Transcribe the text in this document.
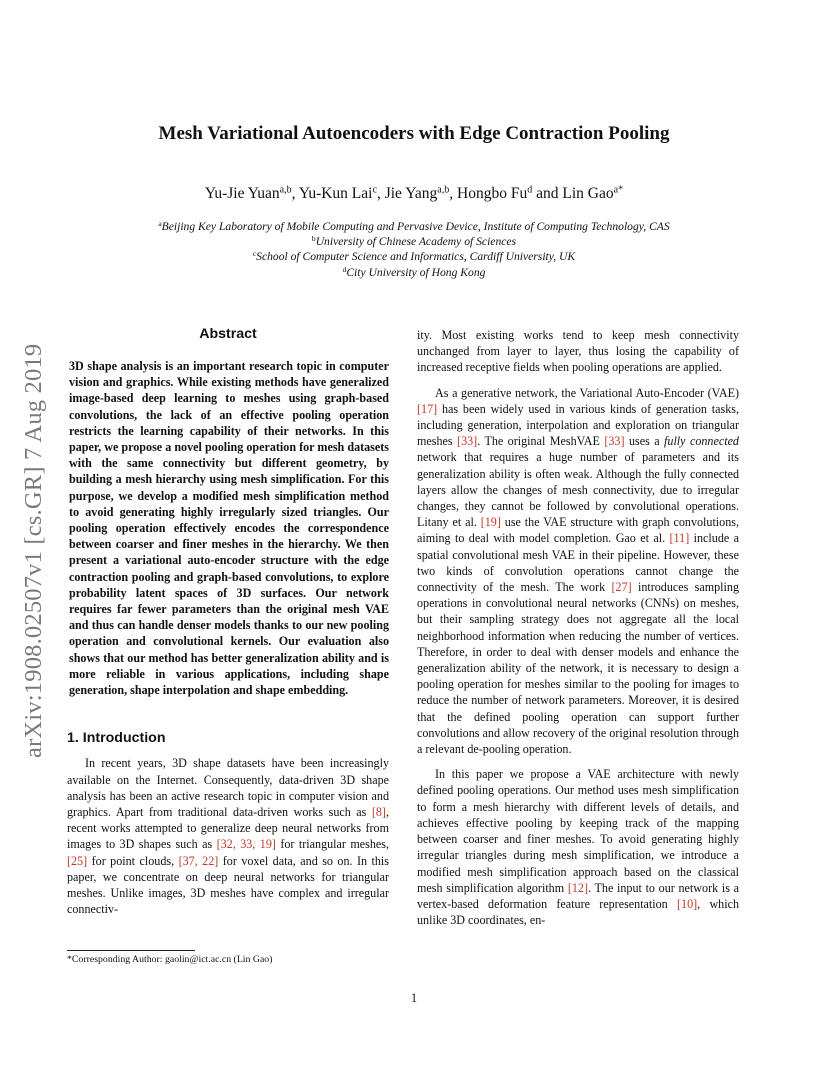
Mesh Variational Autoencoders with Edge Contraction Pooling
Yu-Jie Yuan$^{a,b}$, Yu-Kun Lai$^c$, Jie Yang$^{a,b}$, Hongbo Fu$^d$ and Lin Gao$^{a*}$
$^a$Beijing Key Laboratory of Mobile Computing and Pervasive Device, Institute of Computing Technology, CAS
$^b$University of Chinese Academy of Sciences
$^c$School of Computer Science and Informatics, Cardiff University, UK
$^d$City University of Hong Kong
arXiv:1908.02507v1 [cs.GR] 7 Aug 2019
Abstract
3D shape analysis is an important research topic in computer vision and graphics. While existing methods have generalized image-based deep learning to meshes using graph-based convolutions, the lack of an effective pooling operation restricts the learning capability of their networks. In this paper, we propose a novel pooling operation for mesh datasets with the same connectivity but different geometry, by building a mesh hierarchy using mesh simplification. For this purpose, we develop a modified mesh simplification method to avoid generating highly irregularly sized triangles. Our pooling operation effectively encodes the correspondence between coarser and finer meshes in the hierarchy. We then present a variational auto-encoder structure with the edge contraction pooling and graph-based convolutions, to explore probability latent spaces of 3D surfaces. Our network requires far fewer parameters than the original mesh VAE and thus can handle denser models thanks to our new pooling operation and convolutional kernels. Our evaluation also shows that our method has better generalization ability and is more reliable in various applications, including shape generation, shape interpolation and shape embedding.
1. Introduction

In recent years, 3D shape datasets have been increasingly available on the Internet. Consequently, data-driven 3D shape analysis has been an active research topic in computer vision and graphics. Apart from traditional data-driven works such as [8], recent works attempted to generalize deep neural networks from images to 3D shapes such as [32, 33, 19] for triangular meshes, [25] for point clouds, [37, 22] for voxel data, and so on. In this paper, we concentrate on deep neural networks for triangular meshes. Unlike images, 3D meshes have complex and irregular connectiv-

ity. Most existing works tend to keep mesh connectivity unchanged from layer to layer, thus losing the capability of increased receptive fields when pooling operations are applied.

As a generative network, the Variational Auto-Encoder (VAE) [17] has been widely used in various kinds of generation tasks, including generation, interpolation and exploration on triangular meshes [33]. The original MeshVAE [33] uses a fully connected network that requires a huge number of parameters and its generalization ability is often weak. Although the fully connected layers allow the changes of mesh connectivity, due to irregular changes, they cannot be followed by convolutional operations. Litany et al. [19] use the VAE structure with graph convolutions, aiming to deal with model completion. Gao et al. [11] include a spatial convolutional mesh VAE in their pipeline. However, these two kinds of convolution operations cannot change the connectivity of the mesh. The work [27] introduces sampling operations in convolutional neural networks (CNNs) on meshes, but their sampling strategy does not aggregate all the local neighborhood information when reducing the number of vertices. Therefore, in order to deal with denser models and enhance the generalization ability of the network, it is necessary to design a pooling operation for meshes similar to the pooling for images to reduce the number of network parameters. Moreover, it is desired that the defined pooling operation can support further convolutions and allow recovery of the original resolution through a relevant de-pooling operation.

In this paper we propose a VAE architecture with newly defined pooling operations. Our method uses mesh simplification to form a mesh hierarchy with different levels of details, and achieves effective pooling by keeping track of the mapping between coarser and finer meshes. To avoid generating highly irregular triangles during mesh simplification, we introduce a modified mesh simplification approach based on the classical mesh simplification algorithm [12]. The input to our network is a vertex-based deformation feature representation [10], which unlike 3D coordinates, en-

*Corresponding Author: gaolin@ict.ac.cn (Lin Gao)
1
